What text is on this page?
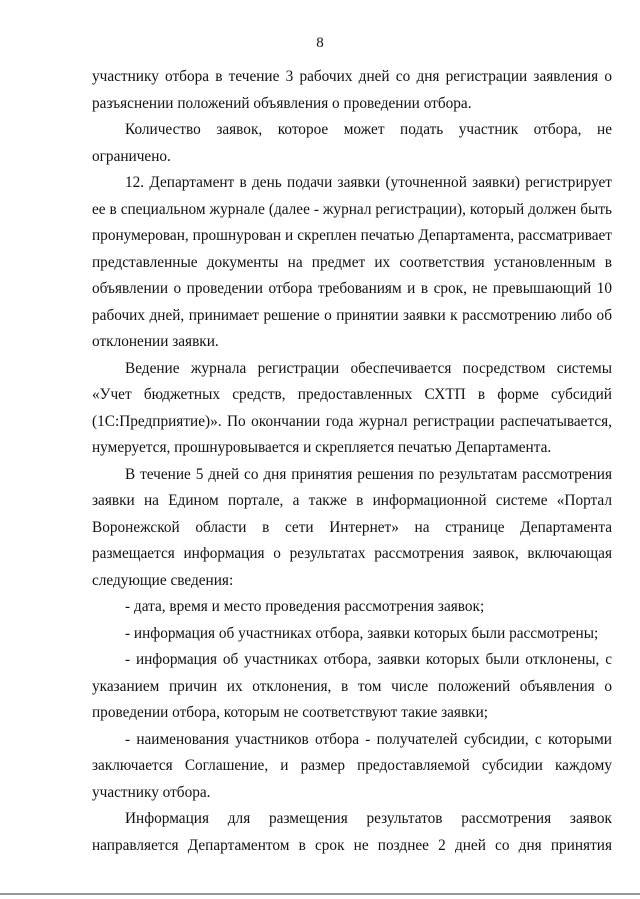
8

участнику отбора в течение 3 рабочих дней со дня регистрации заявления о разъяснении положений объявления о проведении отбора.

Количество заявок, которое может подать участник отбора, не ограничено.

12. Департамент в день подачи заявки (уточненной заявки) регистрирует ее в специальном журнале (далее - журнал регистрации), который должен быть пронумерован, прошнурован и скреплен печатью Департамента, рассматривает представленные документы на предмет их соответствия установленным в объявлении о проведении отбора требованиям и в срок, не превышающий 10 рабочих дней, принимает решение о принятии заявки к рассмотрению либо об отклонении заявки.

Ведение журнала регистрации обеспечивается посредством системы «Учет бюджетных средств, предоставленных СХТП в форме субсидий (1С:Предприятие)». По окончании года журнал регистрации распечатывается, нумеруется, прошнуровывается и скрепляется печатью Департамента.

В течение 5 дней со дня принятия решения по результатам рассмотрения заявки на Едином портале, а также в информационной системе «Портал Воронежской области в сети Интернет» на странице Департамента размещается информация о результатах рассмотрения заявок, включающая следующие сведения:

- дата, время и место проведения рассмотрения заявок;

- информация об участниках отбора, заявки которых были рассмотрены;

- информация об участниках отбора, заявки которых были отклонены, с указанием причин их отклонения, в том числе положений объявления о проведении отбора, которым не соответствуют такие заявки;

- наименования участников отбора - получателей субсидии, с которыми заключается Соглашение, и размер предоставляемой субсидии каждому участнику отбора.

Информация для размещения результатов рассмотрения заявок направляется Департаментом в срок не позднее 2 дней со дня принятия
